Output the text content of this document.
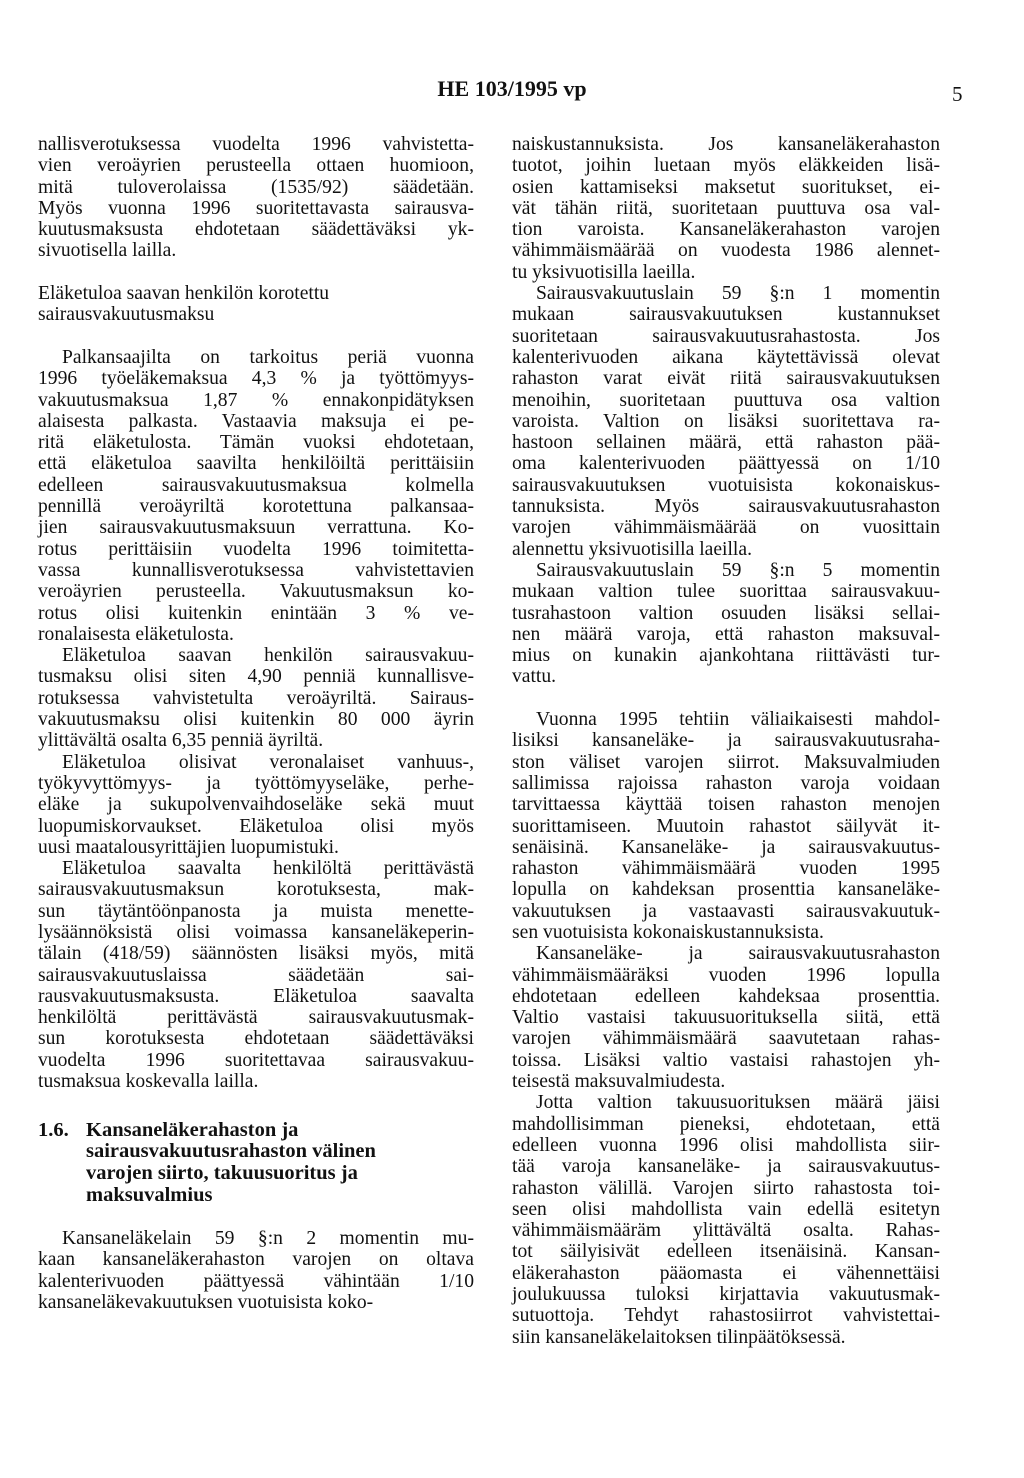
HE 103/1995 vp	5
nallisverotuksessa vuodelta 1996 vahvistetta-
vien veroäyrien perusteella ottaen huomioon,
mitä tuloverolaissa (1535/92) säädetään.
Myös vuonna 1996 suoritettavasta sairausva-
kuutusmaksusta ehdotetaan säädettäväksi yk-
sivuotisella lailla.
Eläketuloa saavan henkilön korotettu
sairausvakuutusmaksu
Palkansaajilta on tarkoitus periä vuonna
1996 työeläkemaksua 4,3 % ja työttömyys-
vakuutusmaksua 1,87 % ennakonpidätyksen
alaisesta palkasta. Vastaavia maksuja ei pe-
ritä eläketulosta. Tämän vuoksi ehdotetaan,
että eläketuloa saavilta henkilöiltä perittäisiin
edelleen sairausvakuutusmaksua kolmella
pennillä veroäyriltä korotettuna palkansaa-
jien sairausvakuutusmaksuun verrattuna. Ko-
rotus perittäisiin vuodelta 1996 toimitetta-
vassa kunnallisverotuksessa vahvistettavien
veroäyrien perusteella. Vakuutusmaksun ko-
rotus olisi kuitenkin enintään 3 % ve-
ronalaisesta eläketulosta.
Eläketuloa saavan henkilön sairausvakuu-
tusmaksu olisi siten 4,90 penniä kunnallisve-
rotuksessa vahvistetulta veroäyriltä. Sairaus-
vakuutusmaksu olisi kuitenkin 80 000 äyrin
ylittävältä osalta 6,35 penniä äyriltä.
Eläketuloa olisivat veronalaiset vanhuus-,
työkyvyttömyys- ja työttömyyseläke, perhe-
eläke ja sukupolvenvaihdoseläke sekä muut
luopumiskorvaukset. Eläketuloa olisi myös
uusi maatalousyrittäjien luopumistuki.
Eläketuloa saavalta henkilöltä perittävästä
sairausvakuutusmaksun korotuksesta, mak-
sun täytäntöönpanosta ja muista menette-
lysäännöksistä olisi voimassa kansaneläkeperin-
tälain (418/59) säännösten lisäksi myös, mitä
sairausvakuutuslaissa säädetään sai-
rausvakuutusmaksusta. Eläketuloa saavalta
henkilöltä perittävästä sairausvakuutusmak-
sun korotuksesta ehdotetaan säädettäväksi
vuodelta 1996 suoritettavaa sairausvakuu-
tusmaksua koskevalla lailla.
1.6. Kansaneläkerahaston ja
sairausvakuutusrahaston välinen
varojen siirto, takuusuoritus ja
maksuvalmius
Kansaneläkelain 59 §:n 2 momentin mu-
kaan kansaneläkerahaston varojen on oltava
kalenterivuoden päättyessä vähintään 1/10
kansaneläkevakuutuksen vuotuisista koko-
naiskustannuksista. Jos kansaneläkerahaston
tuotot, joihin luetaan myös eläkkeiden lisä-
osien kattamiseksi maksetut suoritukset, ei-
vät tähän riitä, suoritetaan puuttuva osa val-
tion varoista. Kansaneläkerahaston varojen
vähimmäismäärää on vuodesta 1986 alennet-
tu yksivuotisilla laeilla.
Sairausvakuutuslain 59 §:n 1 momentin
mukaan sairausvakuutuksen kustannukset
suoritetaan sairausvakuutusrahastosta. Jos
kalenterivuoden aikana käytettävissä olevat
rahaston varat eivät riitä sairausvakuutuksen
menoihin, suoritetaan puuttuva osa valtion
varoista. Valtion on lisäksi suoritettava ra-
hastoon sellainen määrä, että rahaston pää-
oma kalenterivuoden päättyessä on 1/10
sairausvakuutuksen vuotuisista kokonaiskus-
tannuksista. Myös sairausvakuutusrahaston
varojen vähimmäismäärää on vuosittain
alennettu yksivuotisilla laeilla.
Sairausvakuutuslain 59 §:n 5 momentin
mukaan valtion tulee suorittaa sairausvakuu-
tusrahastoon valtion osuuden lisäksi sellai-
nen määrä varoja, että rahaston maksuval-
mius on kunakin ajankohtana riittävästi tur-
vattu.
Vuonna 1995 tehtiin väliaikaisesti mahdol-
lisiksi kansaneläke- ja sairausvakuutusraha-
ston väliset varojen siirrot. Maksuvalmiuden
sallimissa rajoissa rahaston varoja voidaan
tarvittaessa käyttää toisen rahaston menojen
suorittamiseen. Muutoin rahastot säilyvät it-
senäisinä. Kansaneläke- ja sairausvakuutus-
rahaston vähimmäismäärä vuoden 1995
lopulla on kahdeksan prosenttia kansaneläke-
vakuutuksen ja vastaavasti sairausvakuutuk-
sen vuotuisista kokonaiskustannuksista.
Kansaneläke- ja sairausvakuutusrahaston
vähimmäismääräksi vuoden 1996 lopulla
ehdotetaan edelleen kahdeksaa prosenttia.
Valtio vastaisi takuusuorituksella siitä, että
varojen vähimmäismäärä saavutetaan rahas-
toissa. Lisäksi valtio vastaisi rahastojen yh-
teisestä maksuvalmiudesta.
Jotta valtion takuusuorituksen määrä jäisi
mahdollisimman pieneksi, ehdotetaan, että
edelleen vuonna 1996 olisi mahdollista siir-
tää varoja kansaneläke- ja sairausvakuutus-
rahaston välillä. Varojen siirto rahastosta toi-
seen olisi mahdollista vain edellä esitetyn
vähimmäismääräm ylittävältä osalta. Rahas-
tot säilyisivät edelleen itsenäisinä. Kansan-
eläkerahaston pääomasta ei vähennettäisi
joulukuussa tuloksi kirjattavia vakuutusmak-
sutuottoja. Tehdyt rahastosiirrot vahvistettai-
siin kansaneläkelaitoksen tilinpäätöksessä.
